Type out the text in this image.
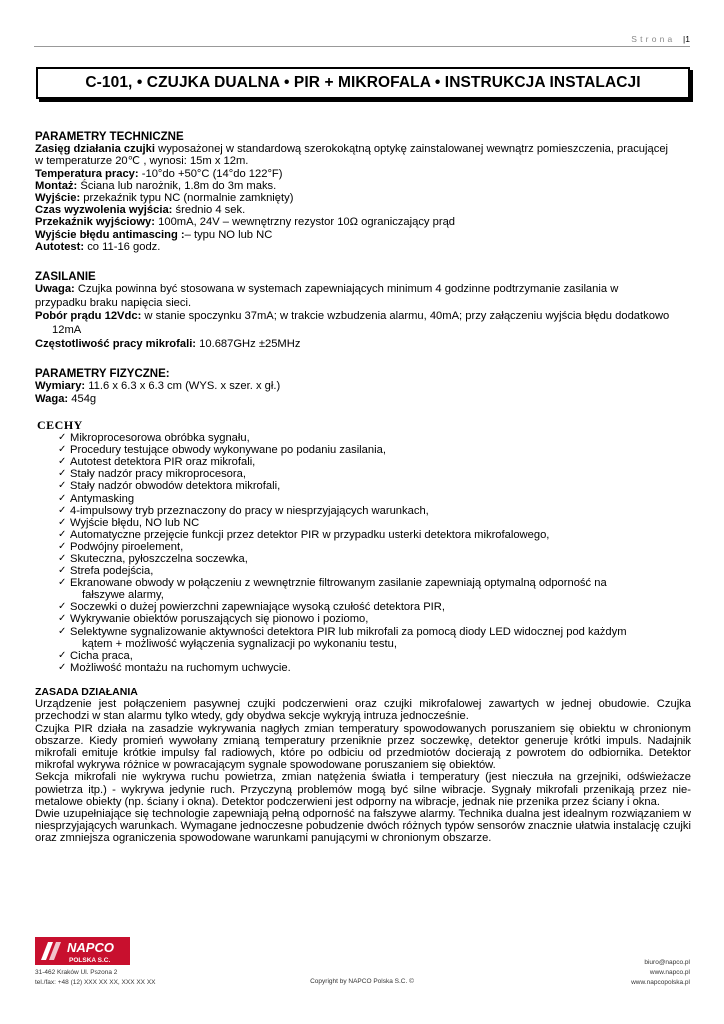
Strona |1
C-101, • CZUJKA DUALNA • PIR + MIKROFALA • INSTRUKCJA INSTALACJI

PARAMETRY TECHNICZNE

Zasięg działania czujki wyposażonej w standardową szerokokątną optykę zainstalowanej wewnątrz pomieszczenia, pracującej

w temperaturze 20℃ , wynosi: 15m x 12m.

Temperatura pracy: -10°do +50°C (14°do 122°F)

Montaż: Ściana lub narożnik, 1.8m do 3m maks.

Wyjście: przekaźnik typu NC (normalnie zamknięty)

Czas wyzwolenia wyjścia: średnio 4 sek.

Przekaźnik wyjściowy: 100mA, 24V – wewnętrzny rezystor 10Ω ograniczający prąd

Wyjście błędu antimascing :– typu NO lub NC

Autotest: co 11-16 godz.

ZASILANIE

Uwaga: Czujka powinna być stosowana w systemach zapewniających minimum 4 godzinne podtrzymanie zasilania w

przypadku braku napięcia sieci.

Pobór prądu 12Vdc: w stanie spoczynku 37mA; w trakcie wzbudzenia alarmu, 40mA; przy załączeniu wyjścia błędu dodatkowo

12mA

Częstotliwość pracy mikrofali: 10.687GHz ±25MHz

PARAMETRY FIZYCZNE:

Wymiary: 11.6 x 6.3 x 6.3 cm (WYS. x szer. x gł.)

Waga: 454g

CECHY

✓ Mikroprocesorowa obróbka sygnału,
✓ Procedury testujące obwody wykonywane po podaniu zasilania,
✓ Autotest detektora PIR oraz mikrofali,
✓ Stały nadzór pracy mikroprocesora,
✓ Stały nadzór obwodów detektora mikrofali,
✓ Antymasking
✓ 4-impulsowy tryb przeznaczony do pracy w niesprzyjających warunkach,
✓ Wyjście błędu, NO lub NC
✓ Automatyczne przejęcie funkcji przez detektor PIR w przypadku usterki detektora mikrofalowego,
✓ Podwójny piroelement,
✓ Skuteczna, pyłoszczelna soczewka,
✓ Strefa podejścia,
✓ Ekranowane obwody w połączeniu z wewnętrznie filtrowanym zasilanie zapewniają optymalną odporność na
fałszywe alarmy,
✓ Soczewki o dużej powierzchni zapewniające wysoką czułość detektora PIR,
✓ Wykrywanie obiektów poruszających się pionowo i poziomo,
✓ Selektywne sygnalizowanie aktywności detektora PIR lub mikrofali za pomocą diody LED widocznej pod każdym
kątem + możliwość wyłączenia sygnalizacji po wykonaniu testu,
✓ Cicha praca,
✓ Możliwość montażu na ruchomym uchwycie.

ZASADA DZIAŁANIA

Urządzenie jest połączeniem pasywnej czujki podczerwieni oraz czujki mikrofalowej zawartych w jednej obudowie. Czujka przechodzi w stan alarmu tylko wtedy, gdy obydwa sekcje wykryją intruza jednocześnie.

Czujka PIR działa na zasadzie wykrywania nagłych zmian temperatury spowodowanych poruszaniem się obiektu w chronionym obszarze. Kiedy promień wywołany zmianą temperatury przeniknie przez soczewkę, detektor generuje krótki impuls. Nadajnik mikrofali emituje krótkie impulsy fal radiowych, które po odbiciu od przedmiotów docierają z powrotem do odbiornika. Detektor mikrofal wykrywa różnice w powracającym sygnale spowodowane poruszaniem się obiektów.

Sekcja mikrofali nie wykrywa ruchu powietrza, zmian natężenia światła i temperatury (jest nieczuła na grzejniki, odświeżacze powietrza itp.) - wykrywa jedynie ruch. Przyczyną problemów mogą być silne wibracje. Sygnały mikrofali przenikają przez nie-metalowe obiekty (np. ściany i okna). Detektor podczerwieni jest odporny na wibracje, jednak nie przenika przez ściany i okna.

Dwie uzupełniające się technologie zapewniają pełną odporność na fałszywe alarmy. Technika dualna jest idealnym rozwiązaniem w niesprzyjających warunkach. Wymagane jednoczesne pobudzenie dwóch różnych typów sensorów znacznie ułatwia instalację czujki oraz zmniejsza ograniczenia spowodowane warunkami panującymi w chronionym obszarze.

NAPCO
POLSKA S.C.
31-462 Kraków Ul. Pszona 2
tel./fax: +48 (12) XXX XX XX, XXX XX XX	Copyright by NAPCO Polska S.C. ©
biuro@napco.pl
www.napco.pl
www.napcopolska.pl
